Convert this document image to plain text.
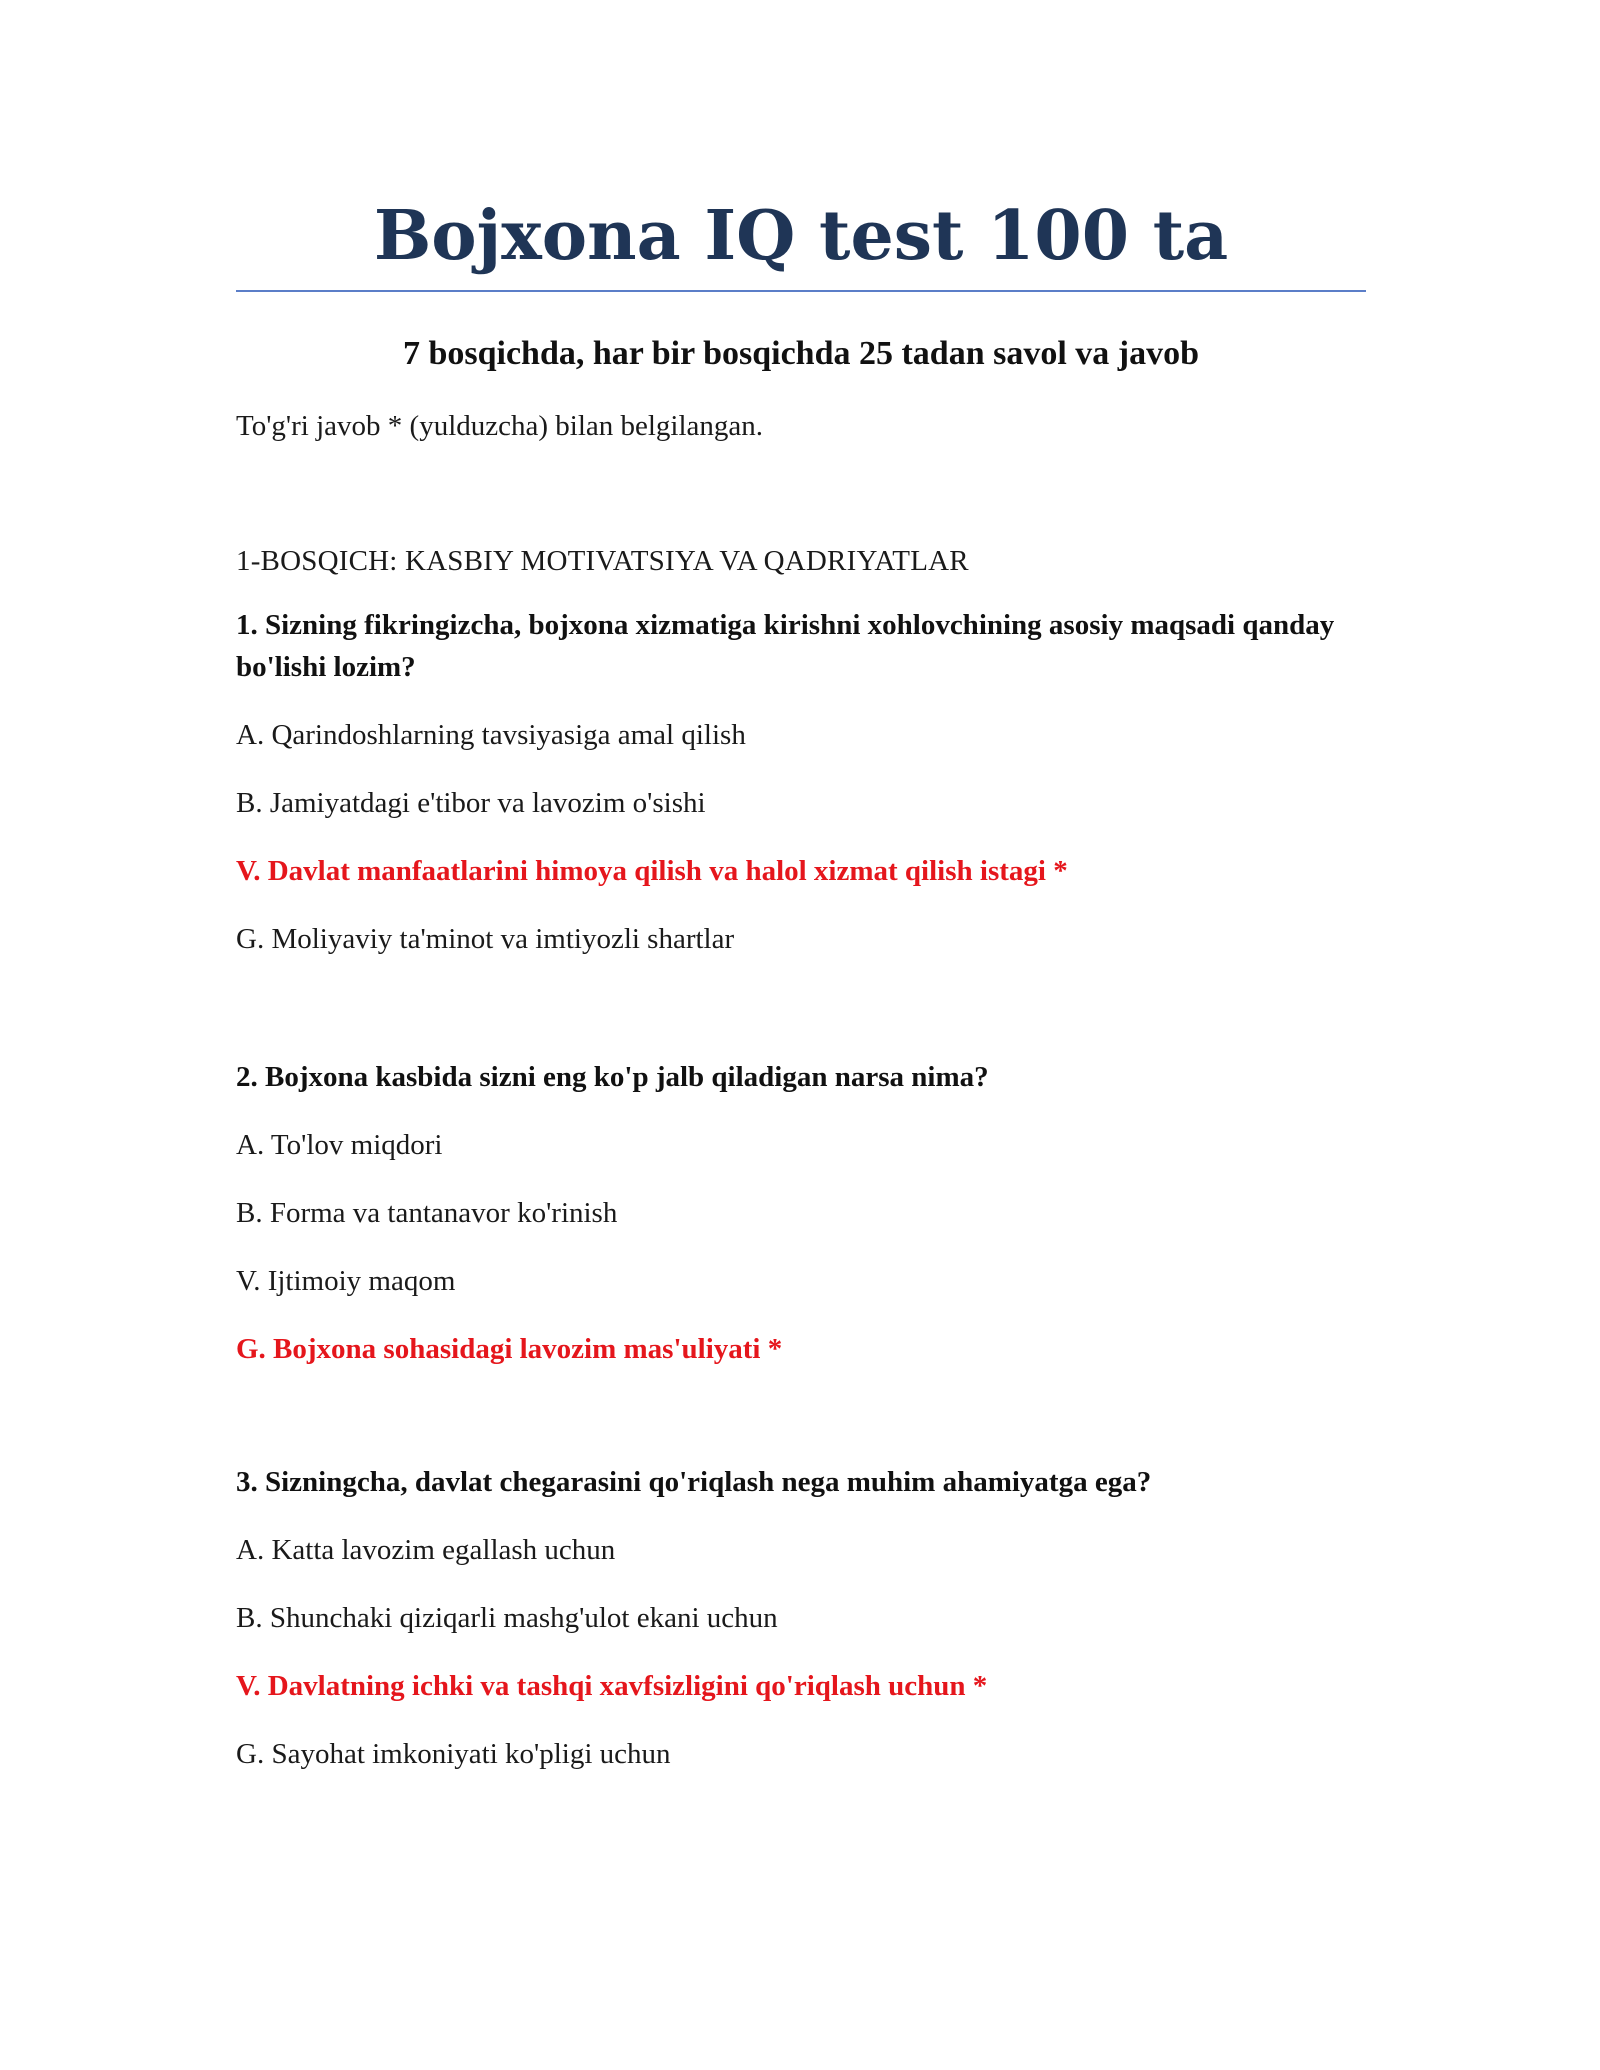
Bojxona IQ test 100 ta
7 bosqichda, har bir bosqichda 25 tadan savol va javob

To'g'ri javob * (yulduzcha) bilan belgilangan.

1-BOSQICH: KASBIY MOTIVATSIYA VA QADRIYATLAR

1. Sizning fikringizcha, bojxona xizmatiga kirishni xohlovchining asosiy maqsadi qanday bo'lishi lozim?

A. Qarindoshlarning tavsiyasiga amal qilish

B. Jamiyatdagi e'tibor va lavozim o'sishi

V. Davlat manfaatlarini himoya qilish va halol xizmat qilish istagi *

G. Moliyaviy ta'minot va imtiyozli shartlar

2. Bojxona kasbida sizni eng ko'p jalb qiladigan narsa nima?

A. To'lov miqdori

B. Forma va tantanavor ko'rinish

V. Ijtimoiy maqom

G. Bojxona sohasidagi lavozim mas'uliyati *

3. Sizningcha, davlat chegarasini qo'riqlash nega muhim ahamiyatga ega?

A. Katta lavozim egallash uchun

B. Shunchaki qiziqarli mashg'ulot ekani uchun

V. Davlatning ichki va tashqi xavfsizligini qo'riqlash uchun *

G. Sayohat imkoniyati ko'pligi uchun
